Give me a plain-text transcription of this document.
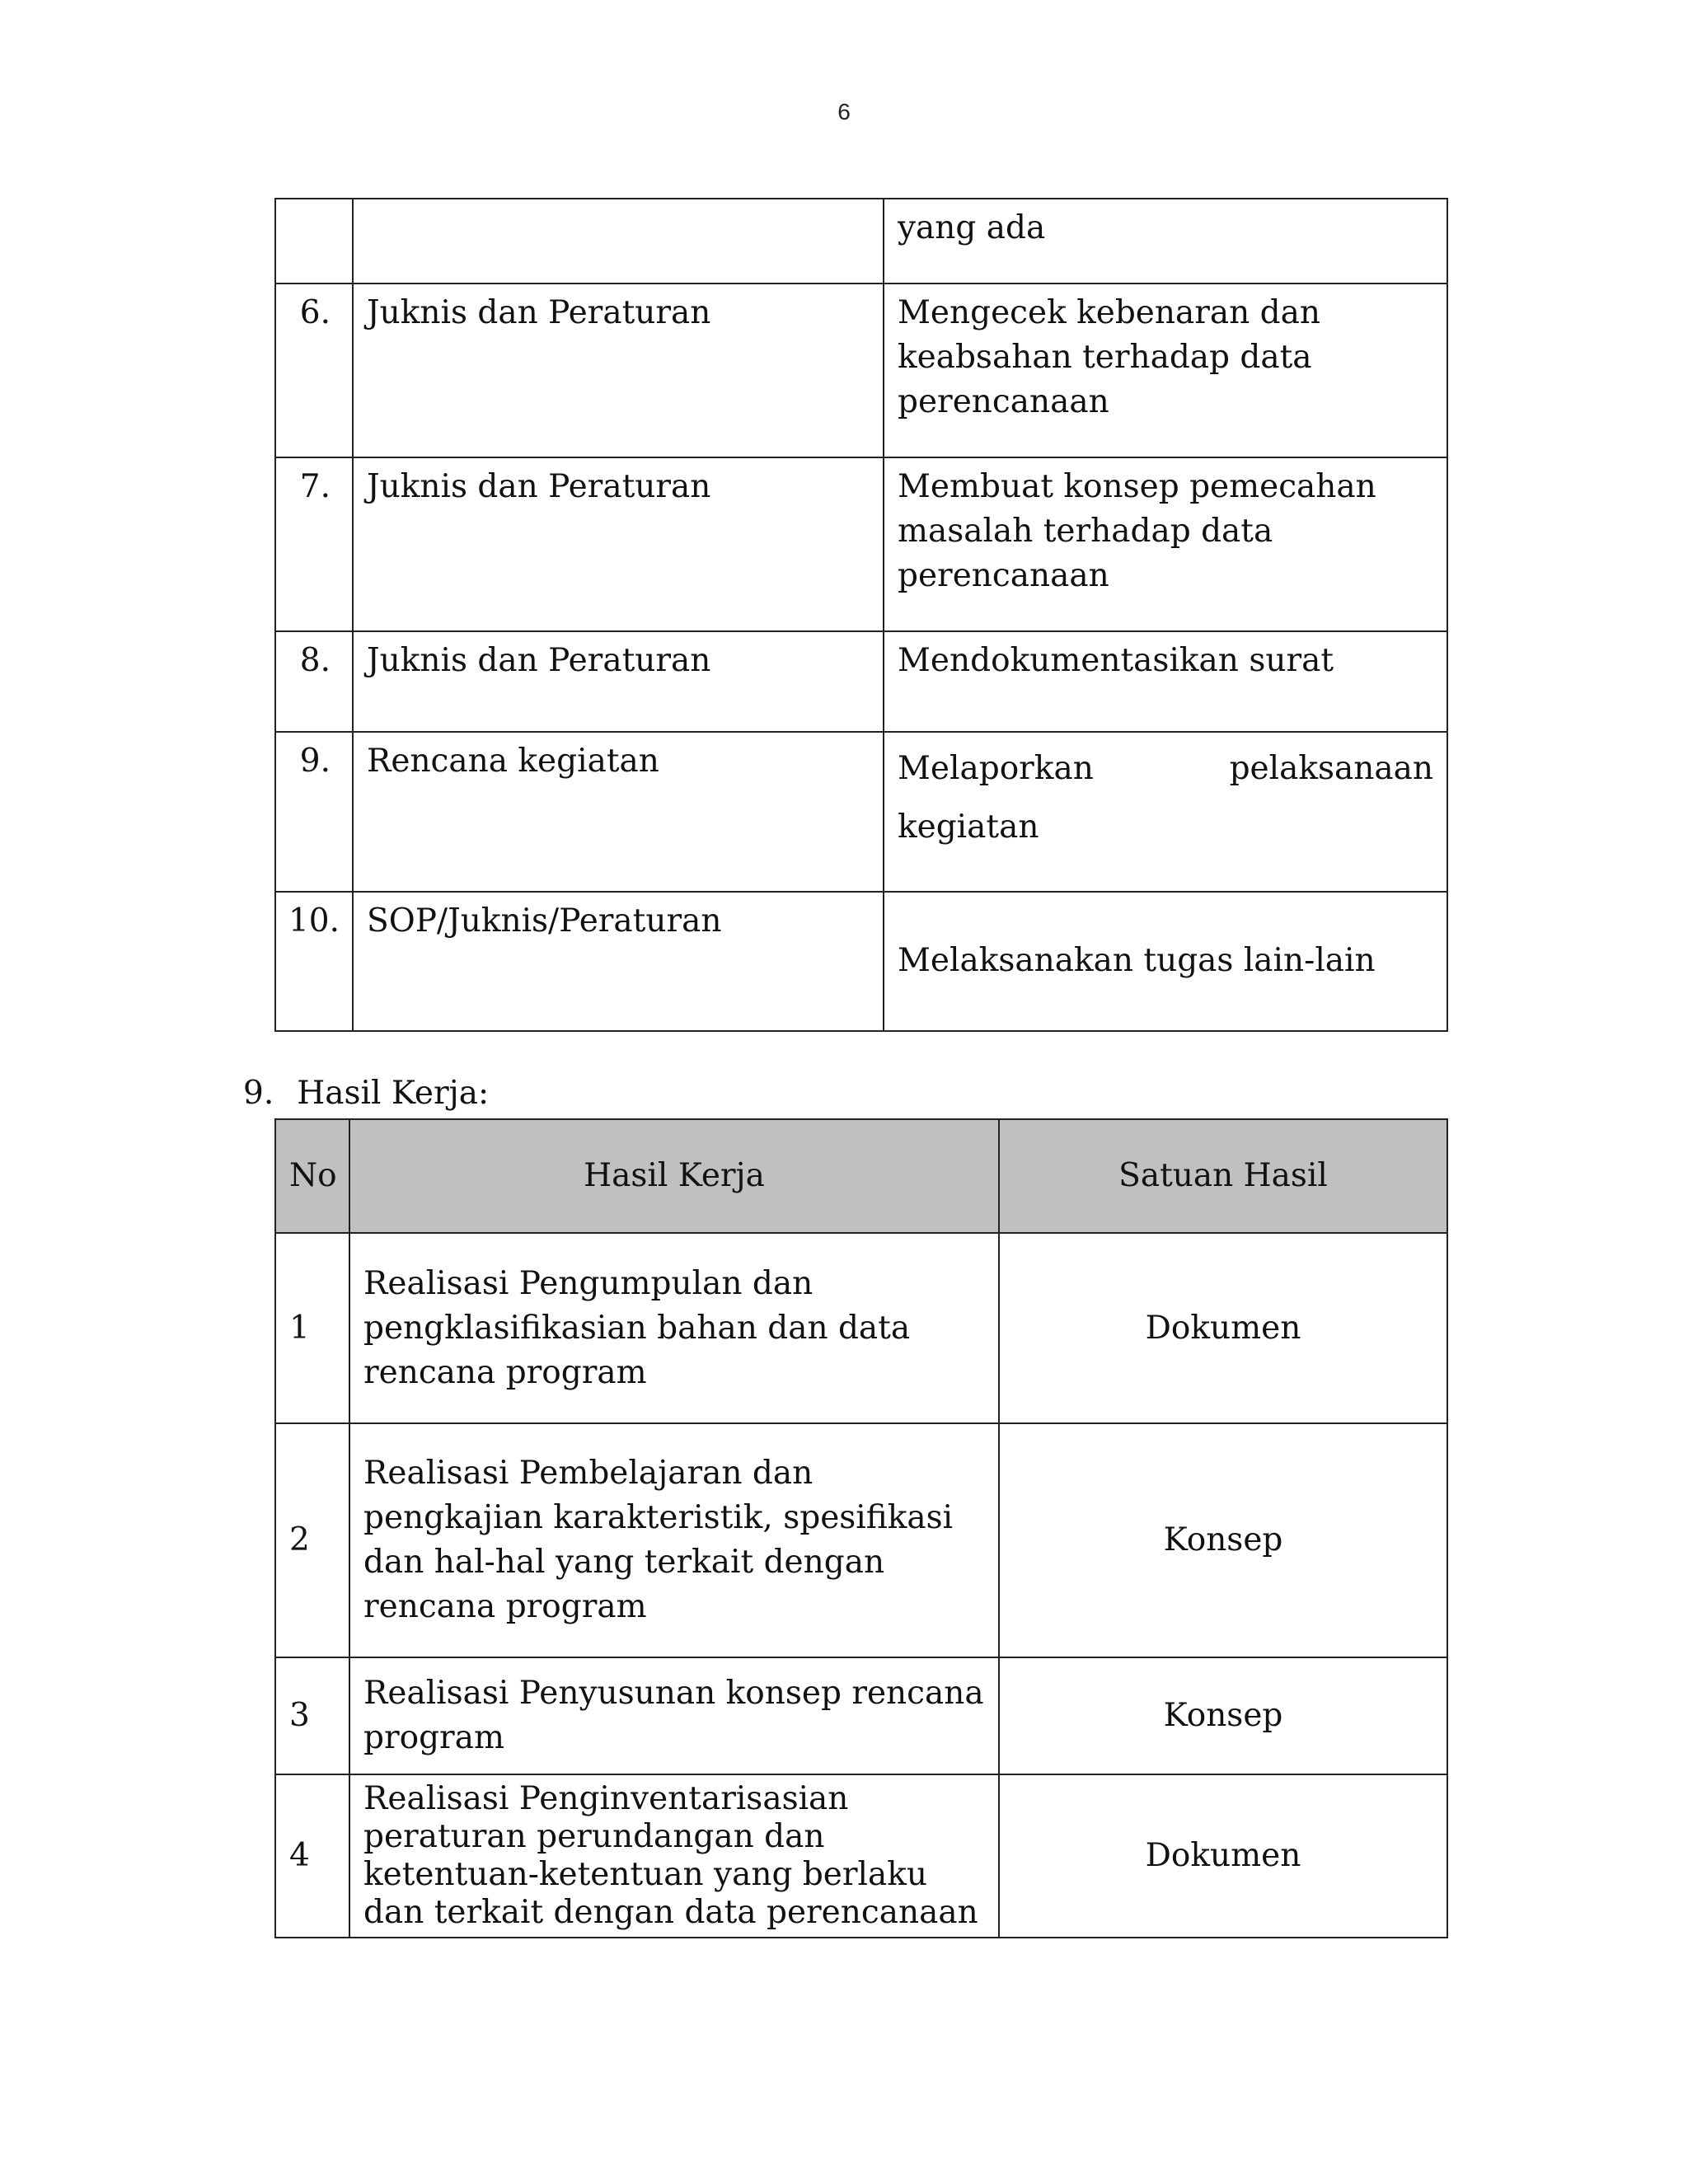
6
		yang ada
6.	Juknis dan Peraturan	Mengecek kebenaran dan keabsahan terhadap data perencanaan
7.	Juknis dan Peraturan	Membuat konsep pemecahan masalah terhadap data perencanaan
8.	Juknis dan Peraturan	Mendokumentasikan surat
9.	Rencana kegiatan	Melaporkan pelaksanaan kegiatan
10.	SOP/Juknis/Peraturan	Melaksanakan tugas lain-lain
9. Hasil Kerja:
No	Hasil Kerja	Satuan Hasil
1	Realisasi Pengumpulan dan pengklasifikasian bahan dan data rencana program	Dokumen
2	Realisasi Pembelajaran dan pengkajian karakteristik, spesifikasi dan hal-hal yang terkait dengan rencana program	Konsep
3	Realisasi Penyusunan konsep rencana program	Konsep
4	Realisasi Penginventarisasian peraturan perundangan dan ketentuan-ketentuan yang berlaku dan terkait dengan data perencanaan	Dokumen
